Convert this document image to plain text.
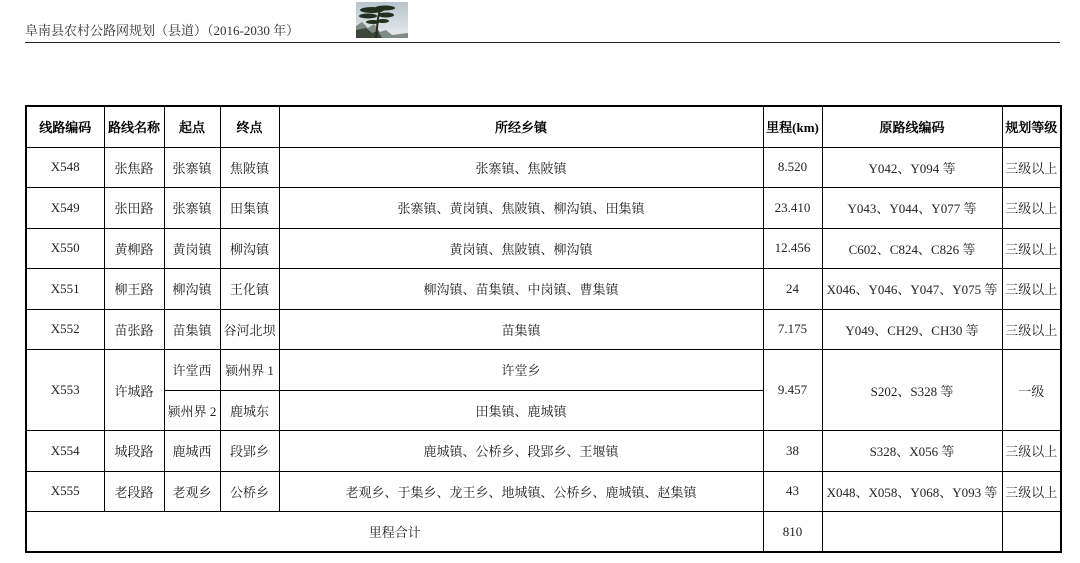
阜南县农村公路网规划（县道）（2016-2030 年）
线路编码	路线名称	起点	终点	所经乡镇	里程(km)	原路线编码	规划等级
X548	张焦路	张寨镇	焦陂镇	张寨镇、焦陂镇	8.520	Y042、Y094 等	三级以上
X549	张田路	张寨镇	田集镇	张寨镇、黄岗镇、焦陂镇、柳沟镇、田集镇	23.410	Y043、Y044、Y077 等	三级以上
X550	黄柳路	黄岗镇	柳沟镇	黄岗镇、焦陂镇、柳沟镇	12.456	C602、C824、C826 等	三级以上
X551	柳王路	柳沟镇	王化镇	柳沟镇、苗集镇、中岗镇、曹集镇	24	X046、Y046、Y047、Y075 等	三级以上
X552	苗张路	苗集镇	谷河北坝	苗集镇	7.175	Y049、CH29、CH30 等	三级以上
X553	许城路	许堂西	颍州界 1	许堂乡	9.457	S202、S328 等	一级
		颍州界 2	鹿城东	田集镇、鹿城镇			
X554	城段路	鹿城西	段郢乡	鹿城镇、公桥乡、段郢乡、王堰镇	38	S328、X056 等	三级以上
X555	老段路	老观乡	公桥乡	老观乡、于集乡、龙王乡、地城镇、公桥乡、鹿城镇、赵集镇	43	X048、X058、Y068、Y093 等	三级以上
里程合计					810		
